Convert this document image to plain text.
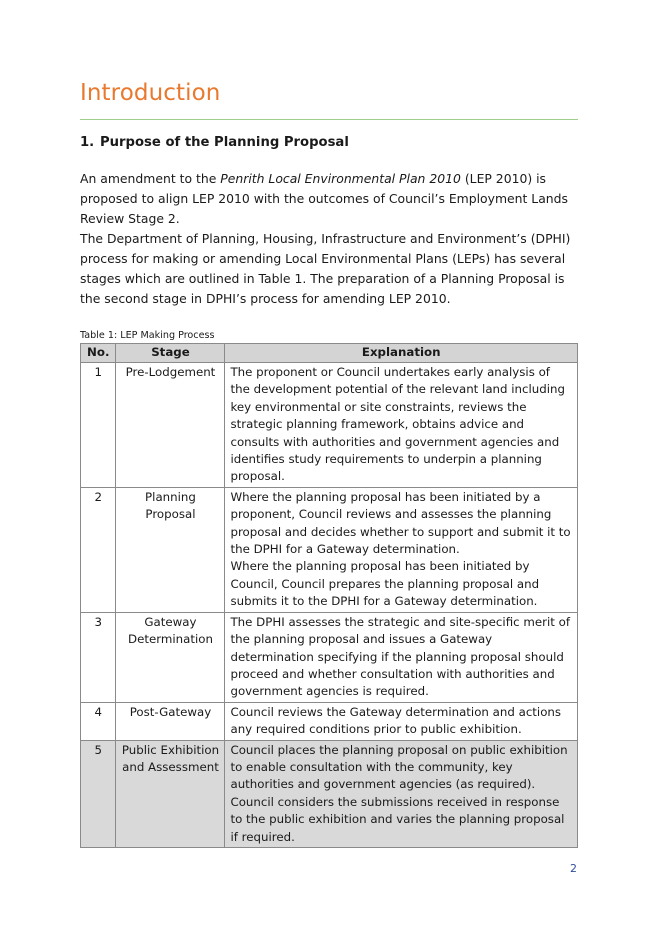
Introduction
1. Purpose of the Planning Proposal

An amendment to the Penrith Local Environmental Plan 2010 (LEP 2010) is proposed to align LEP 2010 with the outcomes of Council’s Employment Lands Review Stage 2.

The Department of Planning, Housing, Infrastructure and Environment’s (DPHI) process for making or amending Local Environmental Plans (LEPs) has several stages which are outlined in Table 1. The preparation of a Planning Proposal is the second stage in DPHI’s process for amending LEP 2010.

Table 1: LEP Making Process

No.	Stage	Explanation
1	Pre-Lodgement	The proponent or Council undertakes early analysis of the development potential of the relevant land including key environmental or site constraints, reviews the strategic planning framework, obtains advice and consults with authorities and government agencies and identifies study requirements to underpin a planning proposal.

2	Planning Proposal	Where the planning proposal has been initiated by a proponent, Council reviews and assesses the planning proposal and decides whether to support and submit it to the DPHI for a Gateway determination.
Where the planning proposal has been initiated by Council, Council prepares the planning proposal and submits it to the DPHI for a Gateway determination.

3	Gateway Determination	The DPHI assesses the strategic and site-specific merit of the planning proposal and issues a Gateway determination specifying if the planning proposal should proceed and whether consultation with authorities and government agencies is required.

4	Post-Gateway	Council reviews the Gateway determination and actions any required conditions prior to public exhibition.

5	Public Exhibition and Assessment	Council places the planning proposal on public exhibition to enable consultation with the community, key authorities and government agencies (as required).
Council considers the submissions received in response to the public exhibition and varies the planning proposal if required.
2
